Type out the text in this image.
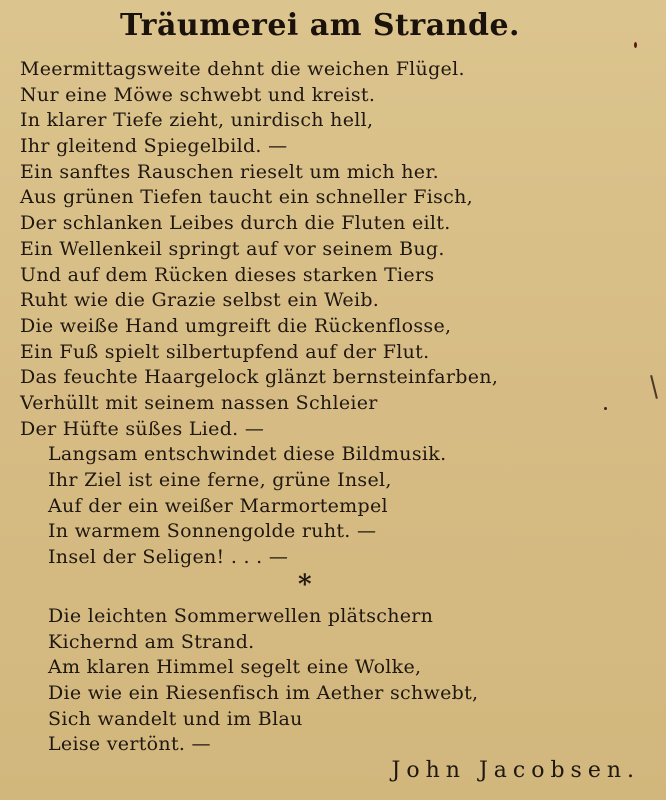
Träumerei am Strande.
Meermittagsweite dehnt die weichen Flügel.
Nur eine Möwe schwebt und kreist.
In klarer Tiefe zieht, unirdisch hell,
Ihr gleitend Spiegelbild. —
Ein sanftes Rauschen rieselt um mich her.
Aus grünen Tiefen taucht ein schneller Fisch,
Der schlanken Leibes durch die Fluten eilt.
Ein Wellenkeil springt auf vor seinem Bug.
Und auf dem Rücken dieses starken Tiers
Ruht wie die Grazie selbst ein Weib.
Die weiße Hand umgreift die Rückenflosse,
Ein Fuß spielt silbertupfend auf der Flut.
Das feuchte Haargelock glänzt bernsteinfarben,
Verhüllt mit seinem nassen Schleier
Der Hüfte süßes Lied. —
Langsam entschwindet diese Bildmusik.
Ihr Ziel ist eine ferne, grüne Insel,
Auf der ein weißer Marmortempel
In warmem Sonnengolde ruht. —
Insel der Seligen! . . . —
*
Die leichten Sommerwellen plätschern
Kichernd am Strand.
Am klaren Himmel segelt eine Wolke,
Die wie ein Riesenfisch im Aether schwebt,
Sich wandelt und im Blau
Leise vertönt. —
John Jacobsen.
